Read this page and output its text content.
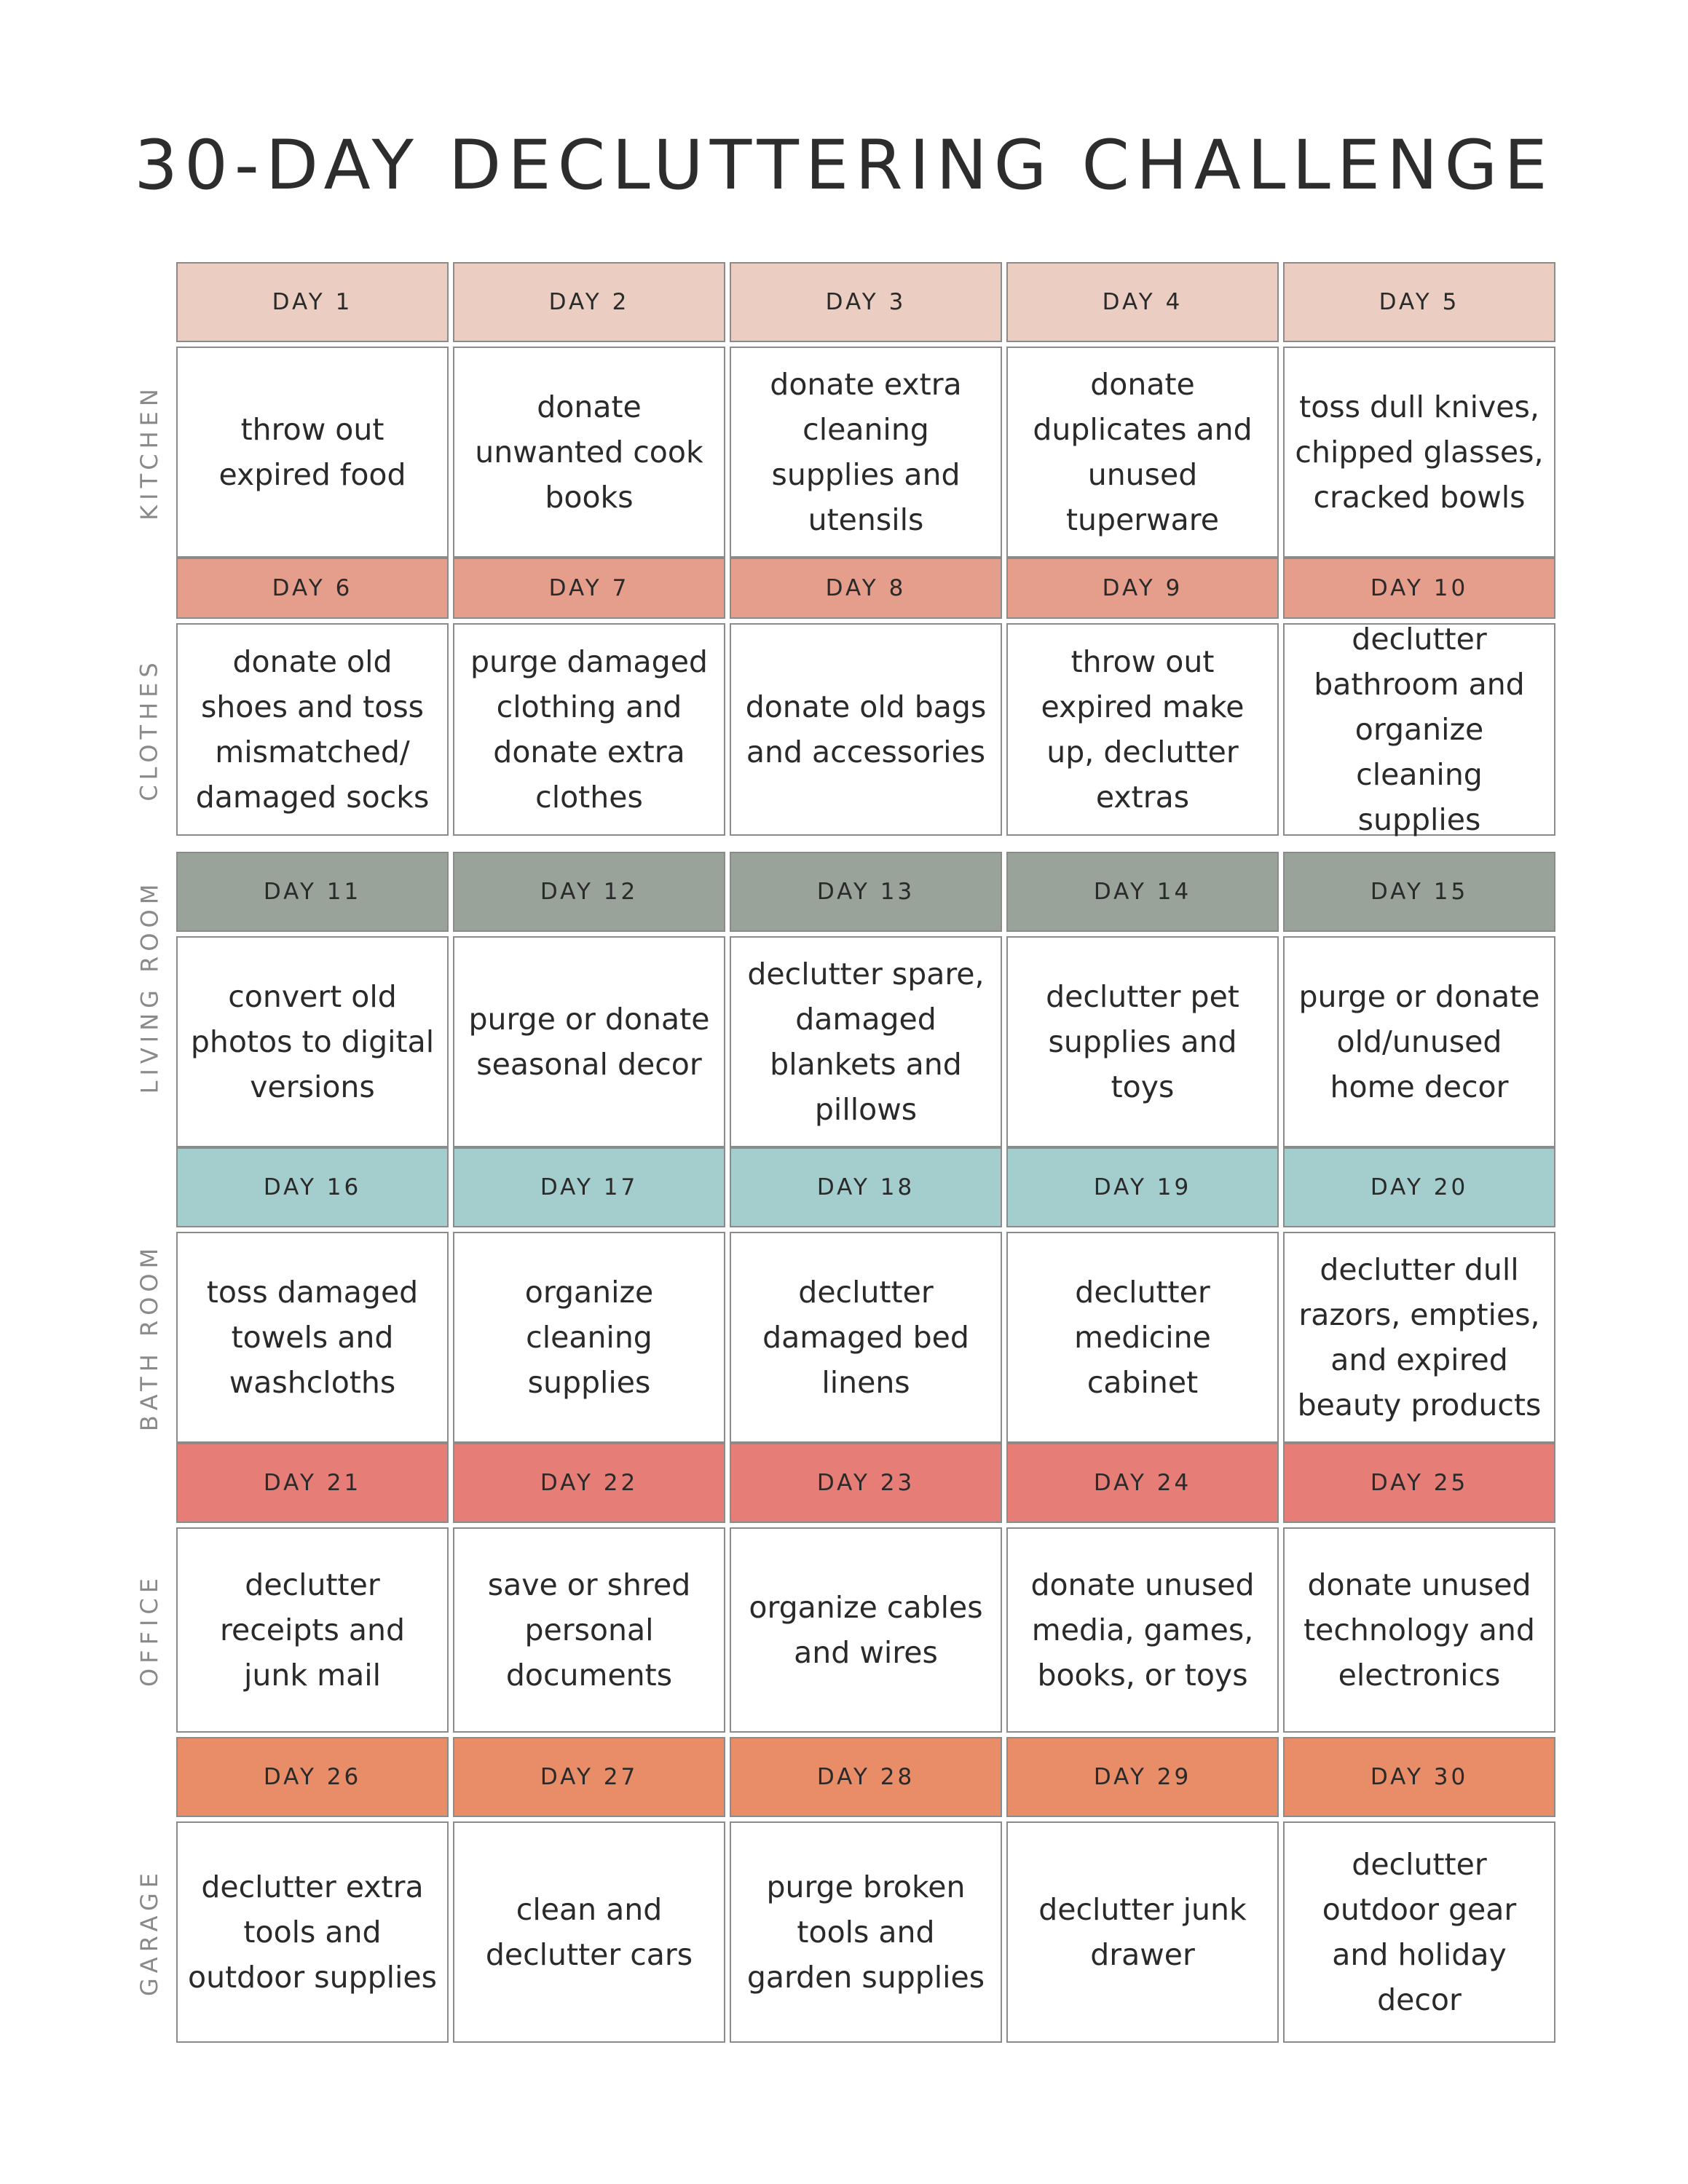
30-DAY DECLUTTERING CHALLENGE
KITCHEN
DAY 1
throw out expired food
DAY 2
donate unwanted cook books
DAY 3
donate extra cleaning supplies and utensils
DAY 4
donate duplicates and unused tuperware
DAY 5
toss dull knives, chipped glasses, cracked bowls
CLOTHES
DAY 6
donate old shoes and toss mismatched/ damaged socks
DAY 7
purge damaged clothing and donate extra clothes
DAY 8
donate old bags and accessories
DAY 9
throw out expired make up, declutter extras
DAY 10
declutter bathroom and organize cleaning supplies
LIVING ROOM	DAY 11
convert old photos to digital versions
DAY 12
purge or donate seasonal decor
DAY 13
declutter spare, damaged blankets and pillows
DAY 14
declutter pet supplies and toys
DAY 15
purge or donate old/unused home decor
BATH ROOM
DAY 16
toss damaged towels and washcloths
DAY 17
organize cleaning supplies
DAY 18
declutter damaged bed linens
DAY 19
declutter medicine cabinet
DAY 20
declutter dull razors, empties, and expired beauty products
OFFICE
DAY 21
declutter receipts and junk mail
DAY 22
save or shred personal documents
DAY 23
organize cables and wires
DAY 24
donate unused media, games, books, or toys
DAY 25
donate unused technology and electronics
GARAGE
DAY 26
declutter extra tools and outdoor supplies
DAY 27
clean and declutter cars
DAY 28
purge broken tools and garden supplies
DAY 29
declutter junk drawer
DAY 30
declutter outdoor gear and holiday decor
